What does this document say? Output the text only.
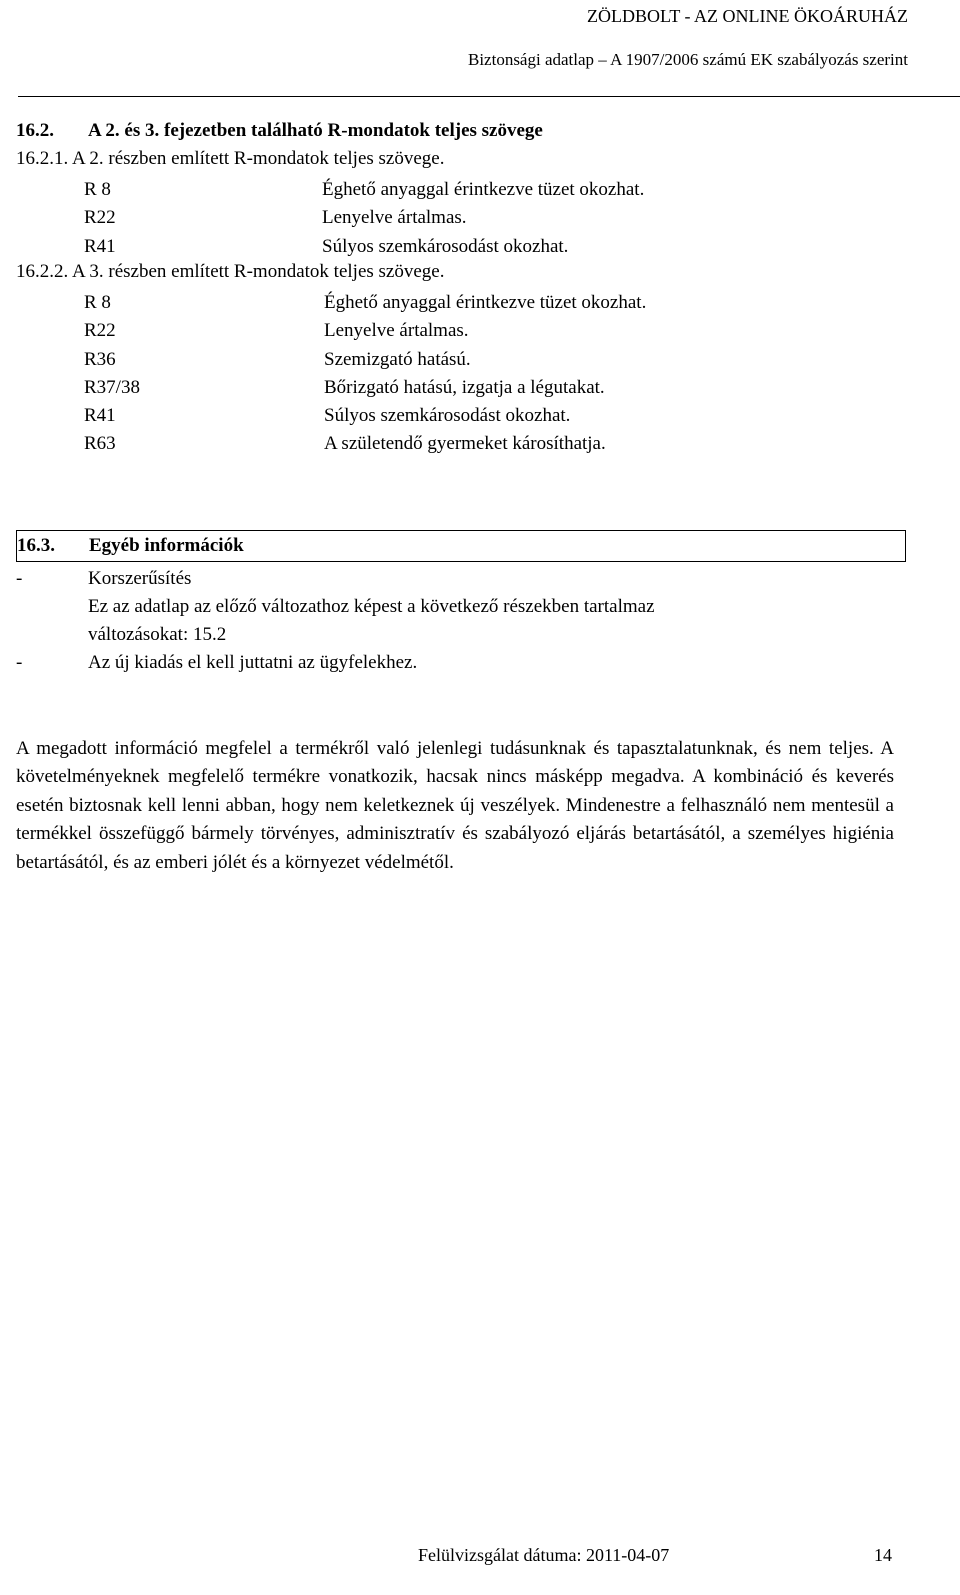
ZÖLDBOLT - AZ ONLINE ÖKOÁRUHÁZ
Biztonsági adatlap – A 1907/2006 számú EK szabályozás szerint
16.2. A 2. és 3. fejezetben található R-mondatok teljes szövege
16.2.1. A 2. részben említett R-mondatok teljes szövege.
R 8	Éghető anyaggal érintkezve tüzet okozhat.
R22	Lenyelve ártalmas.
R41	Súlyos szemkárosodást okozhat.
16.2.2. A 3. részben említett R-mondatok teljes szövege.
R 8	Éghető anyaggal érintkezve tüzet okozhat.
R22	Lenyelve ártalmas.
R36	Szemizgató hatású.
R37/38	Bőrizgató hatású, izgatja a légutakat.
R41	Súlyos szemkárosodást okozhat.
R63	A születendő gyermeket károsíthatja.
16.3. Egyéb információk
-	Korszerűsítés
Ez az adatlap az előző változathoz képest a következő részekben tartalmaz
változásokat: 15.2
-	Az új kiadás el kell juttatni az ügyfelekhez.
A megadott információ megfelel a termékről való jelenlegi tudásunknak és tapasztalatunknak, és nem teljes. A követelményeknek megfelelő termékre vonatkozik, hacsak nincs másképp megadva. A kombináció és keverés esetén biztosnak kell lenni abban, hogy nem keletkeznek új veszélyek. Mindenestre a felhasználó nem mentesül a termékkel összefüggő bármely törvényes, adminisztratív és szabályozó eljárás betartásától, a személyes higiénia betartásától, és az emberi jólét és a környezet védelmétől.
Felülvizsgálat dátuma: 2011-04-07	14
